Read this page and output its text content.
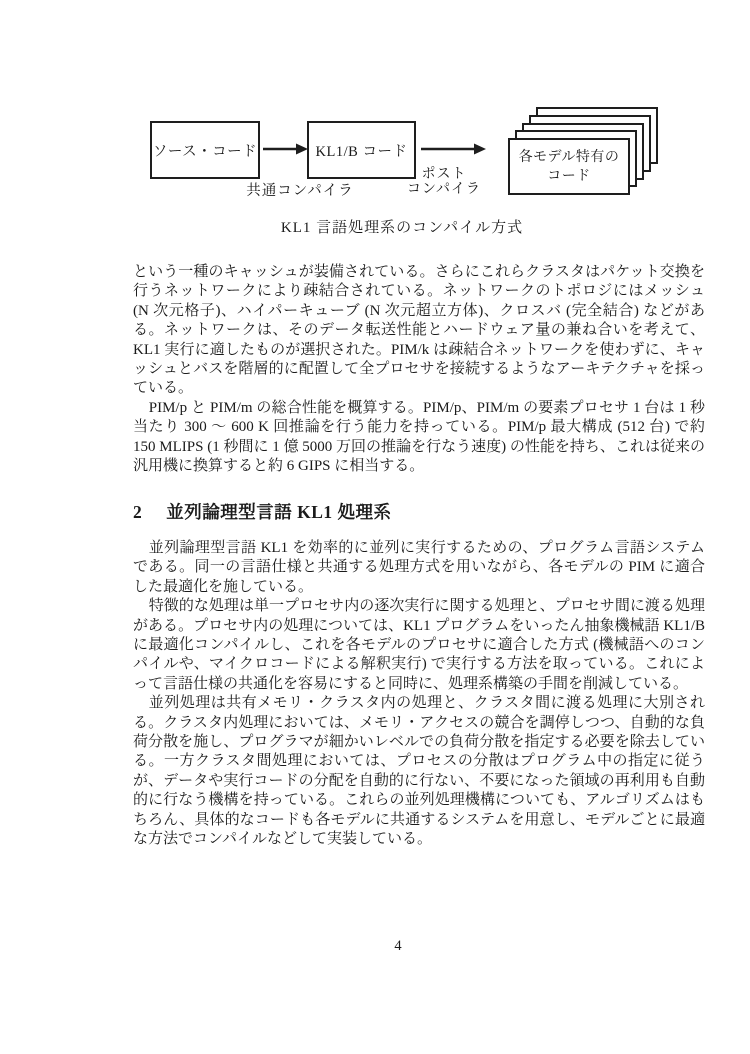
ソース・コード	KL1/B コード	各モデル特有の
コード
共通コンパイラ
ポスト
コンパイラ
KL1 言語処理系のコンパイル方式

という一種のキャッシュが装備されている。さらにこれらクラスタはパケット交換を行うネットワークにより疎結合されている。ネットワークのトポロジにはメッシュ (N 次元格子)、ハイパーキューブ (N 次元超立方体)、クロスバ (完全結合) などがある。ネットワークは、そのデータ転送性能とハードウェア量の兼ね合いを考えて、KL1 実行に適したものが選択された。PIM/k は疎結合ネットワークを使わずに、キャッシュとバスを階層的に配置して全プロセサを接続するようなアーキテクチャを採っている。

PIM/p と PIM/m の総合性能を概算する。PIM/p、PIM/m の要素プロセサ 1 台は 1 秒当たり 300 〜 600 K 回推論を行う能力を持っている。PIM/p 最大構成 (512 台) で約 150 MLIPS (1 秒間に 1 億 5000 万回の推論を行なう速度) の性能を持ち、これは従来の汎用機に換算すると約 6 GIPS に相当する。

2 並列論理型言語 KL1 処理系

並列論理型言語 KL1 を効率的に並列に実行するための、プログラム言語システムである。同一の言語仕様と共通する処理方式を用いながら、各モデルの PIM に適合した最適化を施している。

特徴的な処理は単一プロセサ内の逐次実行に関する処理と、プロセサ間に渡る処理がある。プロセサ内の処理については、KL1 プログラムをいったん抽象機械語 KL1/B に最適化コンパイルし、これを各モデルのプロセサに適合した方式 (機械語へのコンパイルや、マイクロコードによる解釈実行) で実行する方法を取っている。これによって言語仕様の共通化を容易にすると同時に、処理系構築の手間を削減している。

並列処理は共有メモリ・クラスタ内の処理と、クラスタ間に渡る処理に大別される。クラスタ内処理においては、メモリ・アクセスの競合を調停しつつ、自動的な負荷分散を施し、プログラマが細かいレベルでの負荷分散を指定する必要を除去している。一方クラスタ間処理においては、プロセスの分散はプログラム中の指定に従うが、データや実行コードの分配を自動的に行ない、不要になった領域の再利用も自動的に行なう機構を持っている。これらの並列処理機構についても、アルゴリズムはもちろん、具体的なコードも各モデルに共通するシステムを用意し、モデルごとに最適な方法でコンパイルなどして実装している。

4
